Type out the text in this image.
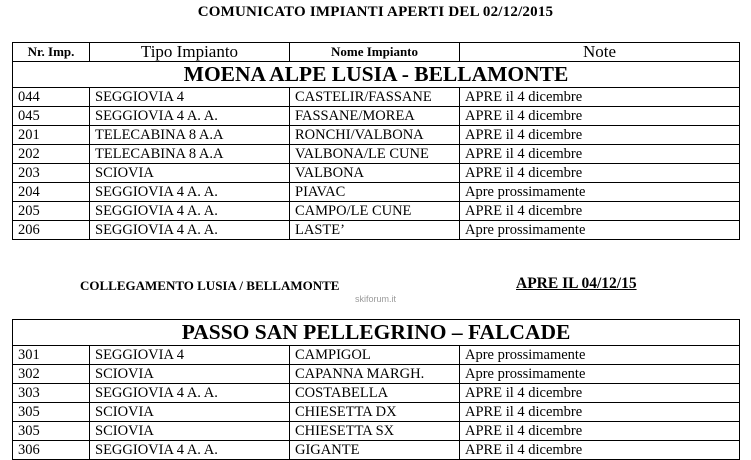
COMUNICATO IMPIANTI APERTI DEL 02/12/2015
Nr. Imp.	Tipo Impianto	Nome Impianto	Note
MOENA ALPE LUSIA - BELLAMONTE			
044	SEGGIOVIA 4	CASTELIR/FASSANE	APRE il 4 dicembre
045	SEGGIOVIA 4 A. A.	FASSANE/MOREA	APRE il 4 dicembre
201	TELECABINA 8 A.A	RONCHI/VALBONA	APRE il 4 dicembre
202	TELECABINA 8 A.A	VALBONA/LE CUNE	APRE il 4 dicembre
203	SCIOVIA	VALBONA	APRE il 4 dicembre
204	SEGGIOVIA 4 A. A.	PIAVAC	Apre prossimamente
205	SEGGIOVIA 4 A. A.	CAMPO/LE CUNE	APRE il 4 dicembre
206	SEGGIOVIA 4 A. A.	LASTE’	Apre prossimamente
COLLEGAMENTO LUSIA / BELLAMONTE	APRE IL 04/12/15
skiforum.it
PASSO SAN PELLEGRINO – FALCADE			
301	SEGGIOVIA 4	CAMPIGOL	Apre prossimamente
302	SCIOVIA	CAPANNA MARGH.	Apre prossimamente
303	SEGGIOVIA 4 A. A.	COSTABELLA	APRE il 4 dicembre
305	SCIOVIA	CHIESETTA DX	APRE il 4 dicembre
305	SCIOVIA	CHIESETTA SX	APRE il 4 dicembre
306	SEGGIOVIA 4 A. A.	GIGANTE	APRE il 4 dicembre
